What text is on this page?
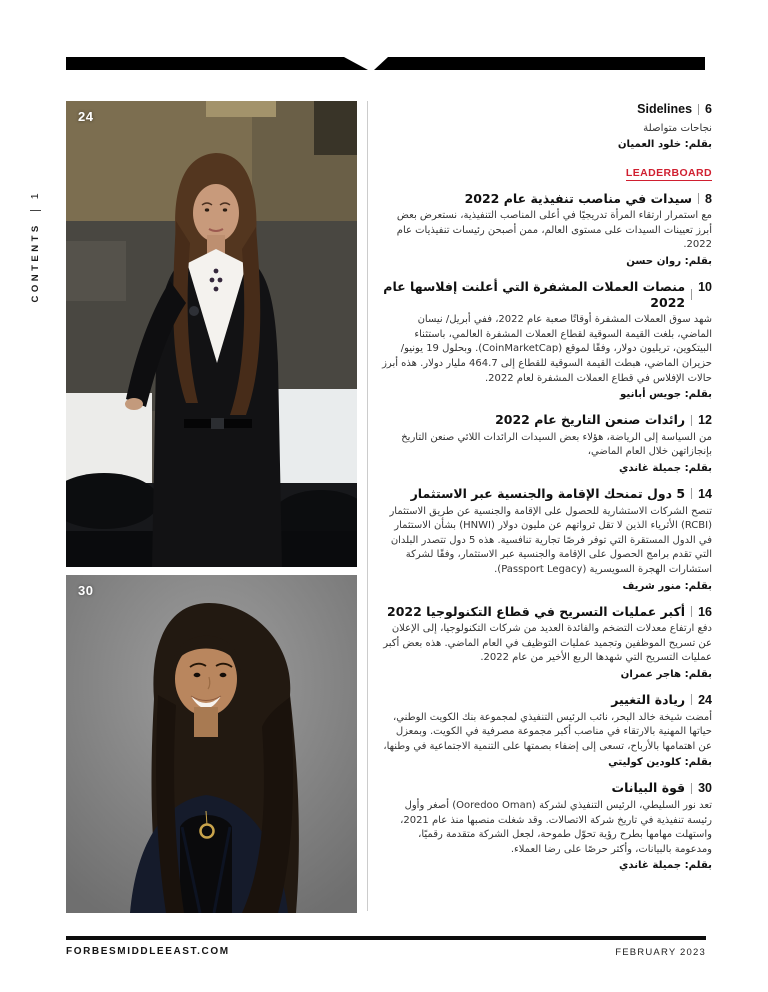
CONTENTS
1
24
30
6
Sidelines

نجاحات متواصلة

بقلم: خلود العميان

LEADERBOARD
8
سيدات في مناصب تنفيذية عام 2022

مع استمرار ارتقاء المرأة تدريجيًا في أعلى المناصب التنفيذية، نستعرض بعض أبرز تعيينات السيدات على مستوى العالم، ممن أصبحن رئيسات تنفيذيات عام 2022.

بقلم: روان حسن

10
منصات العملات المشفرة التي أعلنت إفلاسها عام 2022

شهد سوق العملات المشفرة أوقاتًا صعبة عام 2022، ففي أبريل/ نيسان الماضي، بلغت القيمة السوقية لقطاع العملات المشفرة العالمي، باستثناء البيتكوين، تريليون دولار، وفقًا لموقع (CoinMarketCap). وبحلول 19 يونيو/ حزيران الماضي، هبطت القيمة السوقية للقطاع إلى 464.7 مليار دولار. هذه أبرز حالات الإفلاس في قطاع العملات المشفرة لعام 2022.

بقلم: جويس أبانيو

12
رائدات صنعن التاريخ عام 2022

من السياسة إلى الرياضة، هؤلاء بعض السيدات الرائدات اللائي صنعن التاريخ بإنجازاتهن خلال العام الماضي،

بقلم: جميلة غاندي

14
5 دول تمنحك الإقامة والجنسية عبر الاستثمار

تنصح الشركات الاستشارية للحصول على الإقامة والجنسية عن طريق الاستثمار (RCBI) الأثرياء الذين لا تقل ثرواتهم عن مليون دولار (HNWI) بشأن الاستثمار في الدول المستقرة التي توفر فرصًا تجارية تنافسية. هذه 5 دول تتصدر البلدان التي تقدم برامج الحصول على الإقامة والجنسية عبر الاستثمار، وفقًا لشركة استشارات الهجرة السويسرية (Passport Legacy).

بقلم: منور شريف

16
أكبر عمليات التسريح في قطاع التكنولوجيا 2022

دفع ارتفاع معدلات التضخم والفائدة العديد من شركات التكنولوجيا، إلى الإعلان عن تسريح الموظفين وتجميد عمليات التوظيف في العام الماضي. هذه بعض أكبر عمليات التسريح التي شهدها الربع الأخير من عام 2022.

بقلم: هاجر عمران

24
ريادة التغيير

أمضت شيخة خالد البحر، نائب الرئيس التنفيذي لمجموعة بنك الكويت الوطني، حياتها المهنية بالارتقاء في مناصب أكبر مجموعة مصرفية في الكويت. وبمعزل عن اهتمامها بالأرباح، تسعى إلى إضفاء بصمتها على التنمية الاجتماعية في وطنها،

بقلم: كلودين كوليتي

30
قوة البيانات

تعد نور السليطي، الرئيس التنفيذي لشركة (Ooredoo Oman) أصغر وأول رئيسة تنفيذية في تاريخ شركة الاتصالات. وقد شغلت منصبها منذ عام 2021، واستهلت مهامها بطرح رؤية تحوّل طموحة، لجعل الشركة متقدمة رقميًا، ومدعومة بالبيانات، وأكثر حرصًا على رضا العملاء.

بقلم: جميلة غاندي

FORBESMIDDLEEAST.COM	FEBRUARY 2023
